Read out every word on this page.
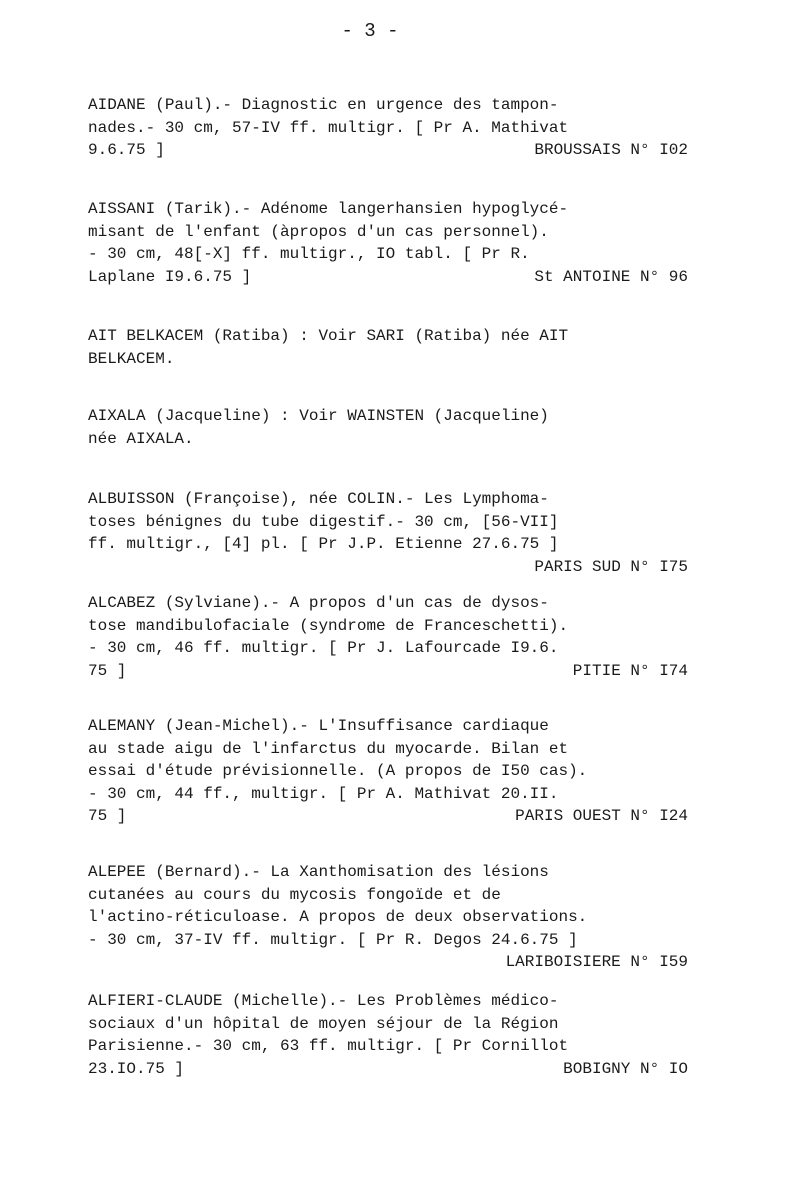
- 3 -
AIDANE (Paul).- Diagnostic en urgence des tampon-
nades.- 30 cm, 57-IV ff. multigr. [ Pr A. Mathivat
9.6.75 ]	BROUSSAIS N° I02
AISSANI (Tarik).- Adénome langerhansien hypoglycé-
misant de l'enfant (àpropos d'un cas personnel).
- 30 cm, 48[-X] ff. multigr., IO tabl. [ Pr R.
Laplane I9.6.75 ]	St ANTOINE N° 96
AIT BELKACEM (Ratiba) : Voir SARI (Ratiba) née AIT
BELKACEM.
AIXALA (Jacqueline) : Voir WAINSTEN (Jacqueline)
née AIXALA.
ALBUISSON (Françoise), née COLIN.- Les Lymphoma-
toses bénignes du tube digestif.- 30 cm, [56-VII]
ff. multigr., [4] pl. [ Pr J.P. Etienne 27.6.75 ]
PARIS SUD N° I75
ALCABEZ (Sylviane).- A propos d'un cas de dysos-
tose mandibulofaciale (syndrome de Franceschetti).
- 30 cm, 46 ff. multigr. [ Pr J. Lafourcade I9.6.
75 ]	PITIE N° I74
ALEMANY (Jean-Michel).- L'Insuffisance cardiaque
au stade aigu de l'infarctus du myocarde. Bilan et
essai d'étude prévisionnelle. (A propos de I50 cas).
- 30 cm, 44 ff., multigr. [ Pr A. Mathivat 20.II.
75 ]	PARIS OUEST N° I24
ALEPEE (Bernard).- La Xanthomisation des lésions
cutanées au cours du mycosis fongoïde et de
l'actino-réticuloase. A propos de deux observations.
- 30 cm, 37-IV ff. multigr. [ Pr R. Degos 24.6.75 ]
LARIBOISIERE N° I59
ALFIERI-CLAUDE (Michelle).- Les Problèmes médico-
sociaux d'un hôpital de moyen séjour de la Région
Parisienne.- 30 cm, 63 ff. multigr. [ Pr Cornillot
23.IO.75 ]	BOBIGNY N° IO
